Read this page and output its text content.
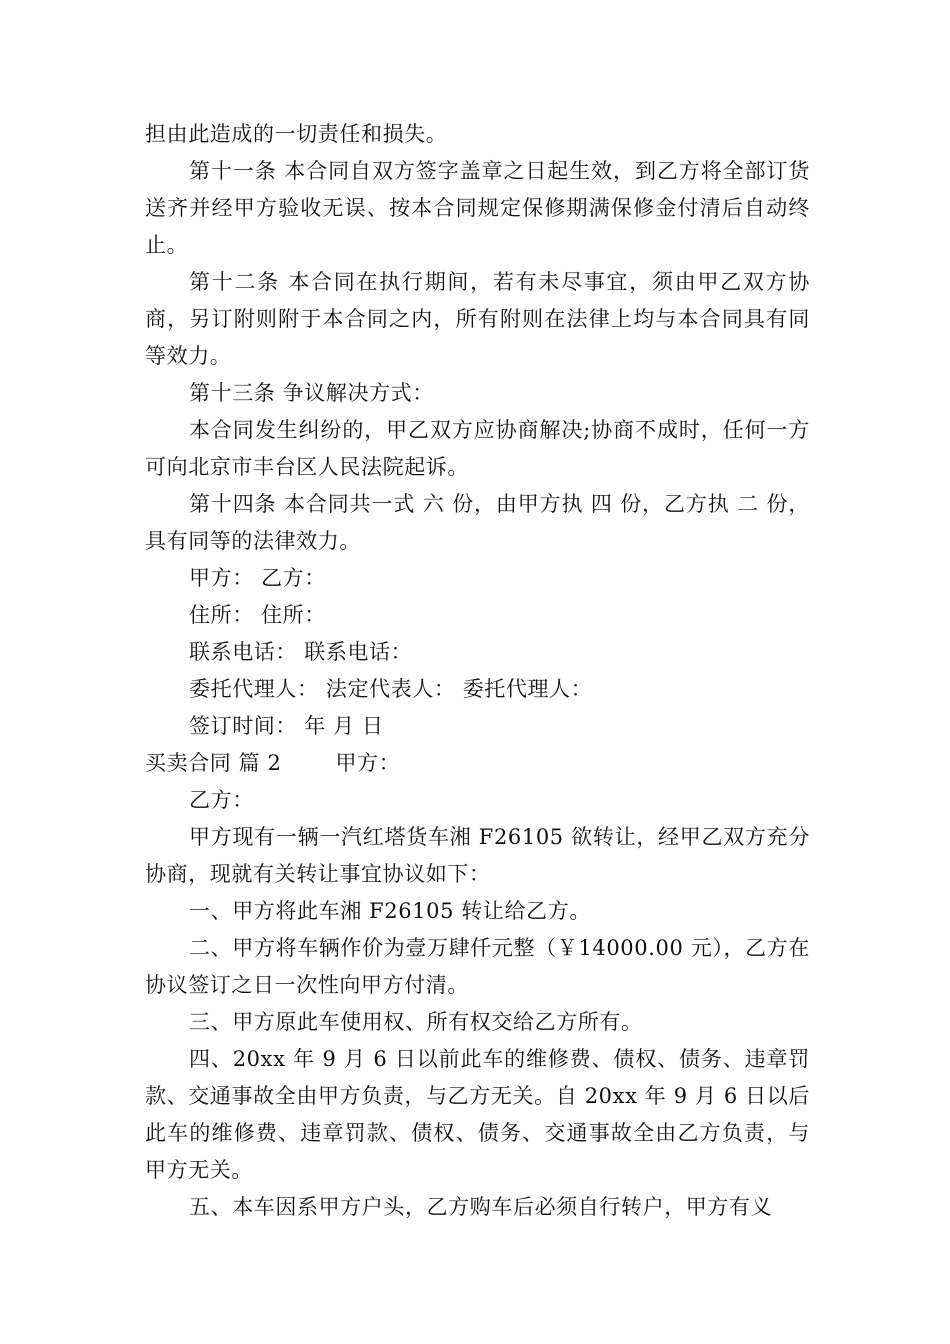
担由此造成的一切责任和损失。

第十一条 本合同自双方签字盖章之日起生效，到乙方将全部订货送齐并经甲方验收无误、按本合同规定保修期满保修金付清后自动终止。

第十二条 本合同在执行期间，若有未尽事宜，须由甲乙双方协商，另订附则附于本合同之内，所有附则在法律上均与本合同具有同等效力。

第十三条 争议解决方式：

本合同发生纠纷的，甲乙双方应协商解决;协商不成时，任何一方可向北京市丰台区人民法院起诉。

第十四条 本合同共一式 六 份，由甲方执 四 份，乙方执 二 份，具有同等的法律效力。

甲方： 乙方：

住所： 住所：

联系电话： 联系电话：

委托代理人： 法定代表人： 委托代理人：

签订时间： 年 月 日

买卖合同 篇 2	甲方：

乙方：

甲方现有一辆一汽红塔货车湘 F26105 欲转让，经甲乙双方充分协商，现就有关转让事宜协议如下：

一、甲方将此车湘 F26105 转让给乙方。

二、甲方将车辆作价为壹万肆仟元整（￥14000.00 元），乙方在协议签订之日一次性向甲方付清。

三、甲方原此车使用权、所有权交给乙方所有。

四、20xx 年 9 月 6 日以前此车的维修费、债权、债务、违章罚款、交通事故全由甲方负责，与乙方无关。自 20xx 年 9 月 6 日以后此车的维修费、违章罚款、债权、债务、交通事故全由乙方负责，与甲方无关。

五、本车因系甲方户头，乙方购车后必须自行转户，甲方有义
